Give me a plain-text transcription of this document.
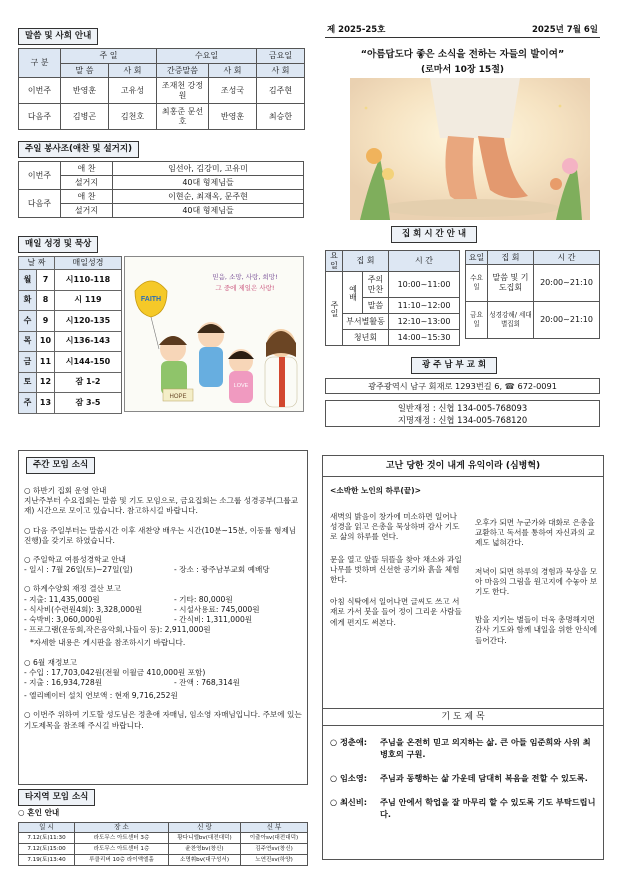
말씀 및 사회 안내
구 분	주 일		수요일		금요일
	말 씀	사 회	간증말씀	사 회	사 회
이번주	반영훈	고유성	조재천 강정원	조성국	김주현
다음주	김병곤	김천호	최홍준 문선호	반영훈	최승한
주일 봉사조(애찬 및 설거지)
이번주	애 찬	임선아, 김강미, 고유미
	설거지	40대 형제님들
다음주	애 찬	이현순, 최재옥, 문주현
	설거지	40대 형제님들
매일 성경 및 묵상
날 짜		매일성경
월	7	시110-118
화	8	시 119
수	9	시120-135
목	10	시136-143
금	11	시144-150
토	12	잠 1-2
주	13	잠 3-5
FAITH
HOPE
LOVE
믿음, 소망, 사랑, 희망!
그 중에 제일은 사랑!
제 2025-25호	2025년 7월 6일
“아름답도다 좋은 소식을 전하는 자들의 발이여”
(로마서 10장 15절)
집 회 시 간 안 내
요일	집 회		시 간
주일	예배	주의 만찬	10:00~11:00
		말씀	11:10~12:00
	부서별활동		12:10~13:00
	청년회		14:00~15:30
요일	집 회	시 간
수요일	말씀 및 기도집회	20:00~21:10
금요일	성경강해/ 세대별집회	20:00~21:10
광 주 남 부 교 회
광주광역시 남구 회재로 1293번길 6, ☎ 672-0091
일반재정 : 신협 134-005-768093
지명재정 : 신협 134-005-768120
주간 모임 소식
○ 하반기 집회 운영 안내
지난주부터 수요집회는 말씀 및 기도 모임으로, 금요집회는 소그룹 성경공부(그룹교재) 시간으로 모이고 있습니다. 참고하시길 바랍니다.
○ 다음 주일부터는 말씀시간 이후 새찬양 배우는 시간(10분~15분, 이동률 형제님 진행)을 갖기로 하였습니다.
○ 주일학교 여름성경학교 안내
- 일시 : 7월 26일(토)~27일(일)	- 장소 : 광주남부교회 예배당
○ 하계수양회 재정 결산 보고
- 지출: 11,435,000원
- 식사비(수련원4회): 3,328,000원
- 숙박비: 3,060,000원
- 기타: 80,000원
- 시설사용료: 745,000원
- 간식비: 1,311,000원
- 프로그램(운동회,작은음악회,나들이 등): 2,911,000원
*자세한 내용은 게시판을 참조하시기 바랍니다.
○ 6월 재정보고
- 수입 : 17,703,042원(전월 이월금 410,000원 포함)
- 지출 : 16,934,728원	- 잔액 : 768,314원
- 엘리베이터 설치 연보액 : 현재 9,716,252원
○ 이번주 위하여 기도할 성도님은 정춘애 자매님, 임소영 자매님입니다. 주보에 있는 기도제목을 참조해 주시길 바랍니다.
타지역 모임 소식
○ 혼인 안내
일 시	장 소	신 랑	신 부
7.12(토)11:30	라도무스 아트센터 3층	황다니엘bv(대전대덕)	이출아sv(대전대덕)
7.12(토)15:00	라도무스 아트센터 1층	윤찬영bv(창신)	김주연sv(창신)
7.19(토)13:40	루클리버 10층 라이액엘홀	소명휘bv(대구성서)	노연진sv(하양)
고난 당한 것이 내게 유익이라 (심병혁)
<소박한 노인의 하루(끝)>
새벽의 밝음이 창가에 미소하면 일어나 성경을 읽고 은총을 묵상하며 감사 기도로 삶의 하루를 연다.
문을 열고 앞뜰 뒤뜰을 찾아 채소와 과일나무를 벗하며 신선한 공기와 흙을 체험한다.
아침 식탁에서 일어나면 글씨도 쓰고 서재로 가서 붓을 들어 정이 그리운 사람들에게 편지도 써본다.
오후가 되면 누군가와 대화로 은총을 교환하고 독서를 통하여 자신과의 교제도 넓혀간다.
저녁이 되면 하루의 경험과 묵상을 모아 마음의 그림을 원고지에 수놓아 보기도 한다.
밤을 지키는 별들이 더욱 총명해지면 감사 기도와 함께 내일을 위한 안식에 들어간다.
기 도 제 목
○ 정춘애:	주님을 온전히 믿고 의지하는 삶. 큰 아들 임준희와 사위 최병호의 구원.
○ 임소영:	주님과 동행하는 삶 가운데 담대히 복음을 전할 수 있도록.
○ 최신비:	주님 안에서 학업을 잘 마무리 할 수 있도록 기도 부탁드립니다.
